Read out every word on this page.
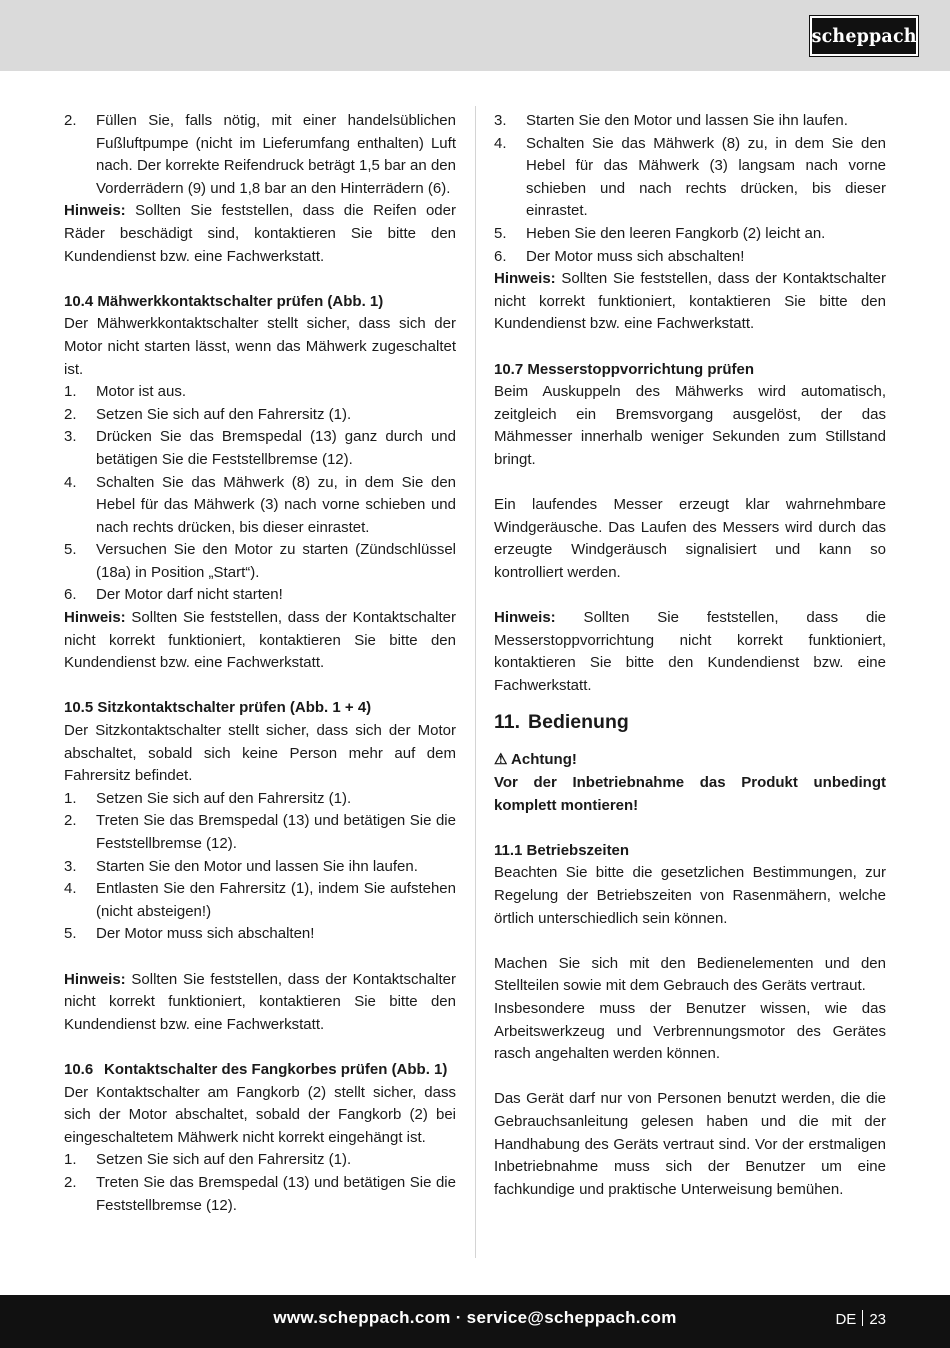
scheppach
2.	Füllen Sie, falls nötig, mit einer handelsüblichen Fußluftpumpe (nicht im Lieferumfang enthalten) Luft nach. Der korrekte Reifendruck beträgt 1,5 bar an den Vorderrädern (9) und 1,8 bar an den Hinterrädern (6).
Hinweis: Sollten Sie feststellen, dass die Reifen oder Räder beschädigt sind, kontaktieren Sie bitte den Kundendienst bzw. eine Fachwerkstatt.
10.4 Mähwerkkontaktschalter prüfen (Abb. 1)
Der Mähwerkkontaktschalter stellt sicher, dass sich der Motor nicht starten lässt, wenn das Mähwerk zugeschaltet ist.
1.	Motor ist aus.
2.	Setzen Sie sich auf den Fahrersitz (1).
3.	Drücken Sie das Bremspedal (13) ganz durch und betätigen Sie die Feststellbremse (12).
4.	Schalten Sie das Mähwerk (8) zu, in dem Sie den Hebel für das Mähwerk (3) nach vorne schieben und nach rechts drücken, bis dieser einrastet.
5.	Versuchen Sie den Motor zu starten (Zündschlüssel (18a) in Position „Start“).
6.	Der Motor darf nicht starten!
Hinweis: Sollten Sie feststellen, dass der Kontaktschalter nicht korrekt funktioniert, kontaktieren Sie bitte den Kundendienst bzw. eine Fachwerkstatt.
10.5 Sitzkontaktschalter prüfen (Abb. 1 + 4)
Der Sitzkontaktschalter stellt sicher, dass sich der Motor abschaltet, sobald sich keine Person mehr auf dem Fahrersitz befindet.
1.	Setzen Sie sich auf den Fahrersitz (1).
2.	Treten Sie das Bremspedal (13) und betätigen Sie die Feststellbremse (12).
3.	Starten Sie den Motor und lassen Sie ihn laufen.
4.	Entlasten Sie den Fahrersitz (1), indem Sie aufstehen (nicht absteigen!)
5.	Der Motor muss sich abschalten!
Hinweis: Sollten Sie feststellen, dass der Kontaktschalter nicht korrekt funktioniert, kontaktieren Sie bitte den Kundendienst bzw. eine Fachwerkstatt.
10.6 Kontaktschalter des Fangkorbes prüfen (Abb. 1)
Der Kontaktschalter am Fangkorb (2) stellt sicher, dass sich der Motor abschaltet, sobald der Fangkorb (2) bei eingeschaltetem Mähwerk nicht korrekt eingehängt ist.
1.	Setzen Sie sich auf den Fahrersitz (1).
2.	Treten Sie das Bremspedal (13) und betätigen Sie die Feststellbremse (12).
3.	Starten Sie den Motor und lassen Sie ihn laufen.
4.	Schalten Sie das Mähwerk (8) zu, in dem Sie den Hebel für das Mähwerk (3) langsam nach vorne schieben und nach rechts drücken, bis dieser einrastet.
5.	Heben Sie den leeren Fangkorb (2) leicht an.
6.	Der Motor muss sich abschalten!
Hinweis: Sollten Sie feststellen, dass der Kontaktschalter nicht korrekt funktioniert, kontaktieren Sie bitte den Kundendienst bzw. eine Fachwerkstatt.
10.7 Messerstoppvorrichtung prüfen
Beim Auskuppeln des Mähwerks wird automatisch, zeitgleich ein Bremsvorgang ausgelöst, der das Mähmesser innerhalb weniger Sekunden zum Stillstand bringt.
Ein laufendes Messer erzeugt klar wahrnehmbare Windgeräusche. Das Laufen des Messers wird durch das erzeugte Windgeräusch signalisiert und kann so kontrolliert werden.
Hinweis: Sollten Sie feststellen, dass die Messerstoppvorrichtung nicht korrekt funktioniert, kontaktieren Sie bitte den Kundendienst bzw. eine Fachwerkstatt.
11. Bedienung
⚠ Achtung!
Vor der Inbetriebnahme das Produkt unbedingt komplett montieren!
11.1 Betriebszeiten
Beachten Sie bitte die gesetzlichen Bestimmungen, zur Regelung der Betriebszeiten von Rasenmähern, welche örtlich unterschiedlich sein können.
Machen Sie sich mit den Bedienelementen und den Stellteilen sowie mit dem Gebrauch des Geräts vertraut.
Insbesondere muss der Benutzer wissen, wie das Arbeitswerkzeug und Verbrennungsmotor des Gerätes rasch angehalten werden können.
Das Gerät darf nur von Personen benutzt werden, die die Gebrauchsanleitung gelesen haben und die mit der Handhabung des Geräts vertraut sind. Vor der erstmaligen Inbetriebnahme muss sich der Benutzer um eine fachkundige und praktische Unterweisung bemühen.
www.scheppach.com · service@scheppach.com	DE 23
